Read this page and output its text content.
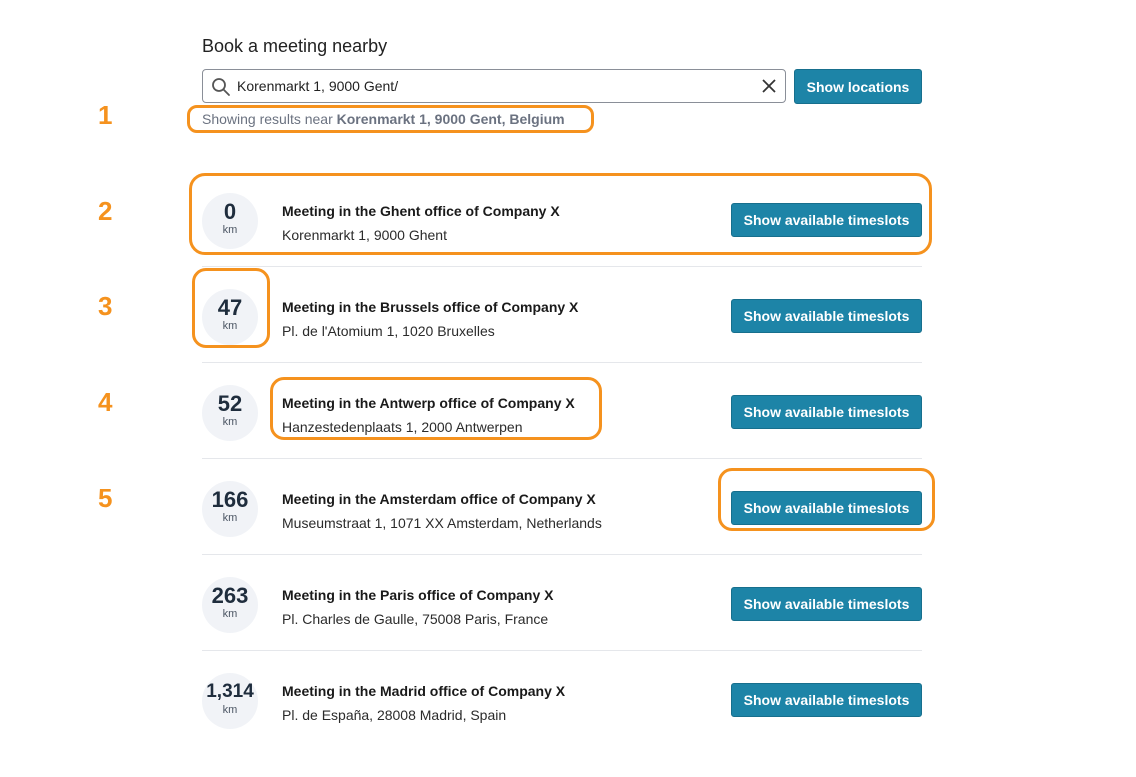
Book a meeting nearby
Korenmarkt 1, 9000 Gent/
Show locations
Showing results near Korenmarkt 1, 9000 Gent, Belgium
1
2
3
4
5
0
km
Meeting in the Ghent office of Company X
Korenmarkt 1, 9000 Ghent
Show available timeslots
47
km
Meeting in the Brussels office of Company X
Pl. de l'Atomium 1, 1020 Bruxelles
Show available timeslots
52
km
Meeting in the Antwerp office of Company X
Hanzestedenplaats 1, 2000 Antwerpen
Show available timeslots
166
km
Meeting in the Amsterdam office of Company X
Museumstraat 1, 1071 XX Amsterdam, Netherlands
Show available timeslots
263
km
Meeting in the Paris office of Company X
Pl. Charles de Gaulle, 75008 Paris, France
Show available timeslots
1,314
km
Meeting in the Madrid office of Company X
Pl. de España, 28008 Madrid, Spain
Show available timeslots
